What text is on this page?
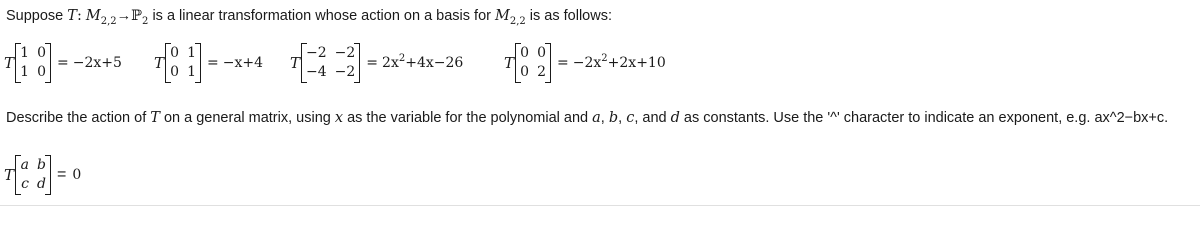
Suppose T: $M_{2,2}\to ℙ_2$ is a linear transformation whose action on a basis for $M_{2,2}$ is as follows:
T
1 0
1 0
= −2x+5 T
0 1
0 1
= −x+4 T
−2 −2
−4 −2
= $2x^2+4x-26$	T
0 0
0 2
= $-2x^2+2x+10$
Describe the action of T on a general matrix, using x as the variable for the polynomial and a, b, c, and d as constants. Use the '^' character to indicate an exponent, e.g. ax^2−bx+c.
T
a b
c d
=
0
